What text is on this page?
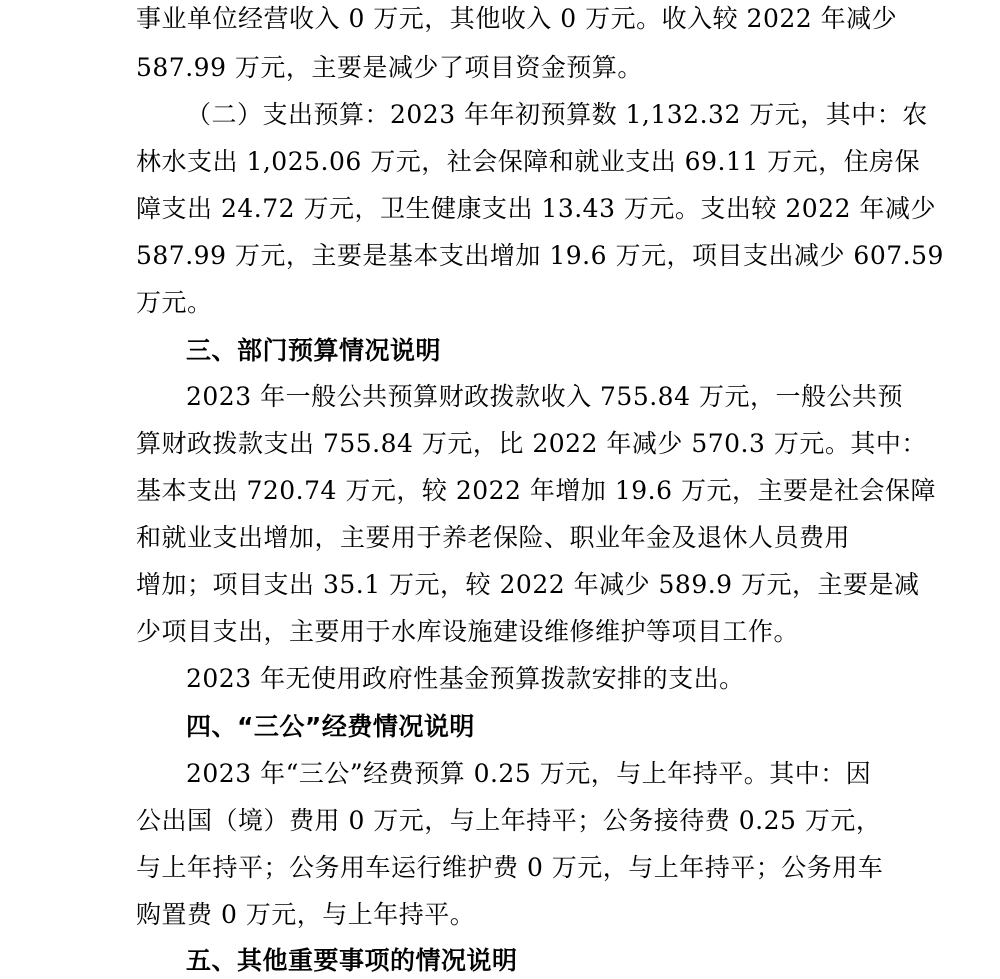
事业单位经营收入 0 万元，其他收入 0 万元。收入较 2022 年减少
587.99 万元，主要是减少了项目资金预算。
（二）支出预算：2023 年年初预算数 1,132.32 万元，其中：农
林水支出 1,025.06 万元，社会保障和就业支出 69.11 万元，住房保
障支出 24.72 万元，卫生健康支出 13.43 万元。支出较 2022 年减少
587.99 万元，主要是基本支出增加 19.6 万元，项目支出减少 607.59
万元。
三、部门预算情况说明
2023 年一般公共预算财政拨款收入 755.84 万元，一般公共预
算财政拨款支出 755.84 万元，比 2022 年减少 570.3 万元。其中：
基本支出 720.74 万元，较 2022 年增加 19.6 万元，主要是社会保障
和就业支出增加，主要用于养老保险、职业年金及退休人员费用
增加；项目支出 35.1 万元，较 2022 年减少 589.9 万元，主要是减
少项目支出，主要用于水库设施建设维修维护等项目工作。
2023 年无使用政府性基金预算拨款安排的支出。
四、“三公”经费情况说明
2023 年“三公”经费预算 0.25 万元，与上年持平。其中：因
公出国（境）费用 0 万元，与上年持平；公务接待费 0.25 万元，
与上年持平；公务用车运行维护费 0 万元，与上年持平；公务用车
购置费 0 万元，与上年持平。
五、其他重要事项的情况说明
